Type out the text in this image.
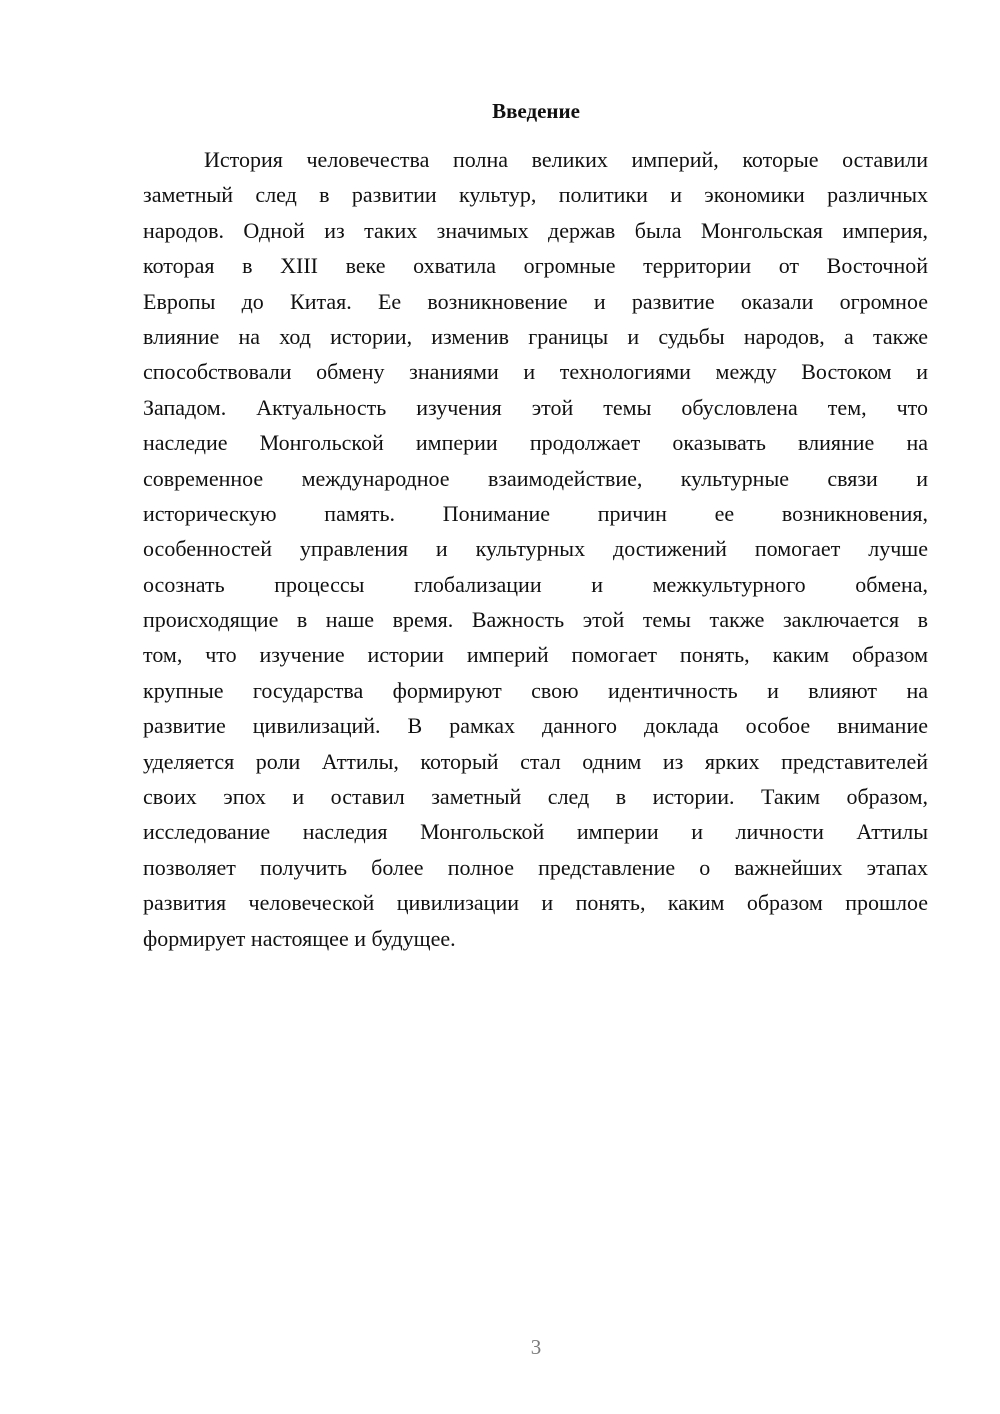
Введение
История человечества полна великих империй, которые оставили
заметный след в развитии культур, политики и экономики различных
народов. Одной из таких значимых держав была Монгольская империя,
которая в XIII веке охватила огромные территории от Восточной
Европы до Китая. Ее возникновение и развитие оказали огромное
влияние на ход истории, изменив границы и судьбы народов, а также
способствовали обмену знаниями и технологиями между Востоком и
Западом. Актуальность изучения этой темы обусловлена тем, что
наследие Монгольской империи продолжает оказывать влияние на
современное международное взаимодействие, культурные связи и
историческую память. Понимание причин ее возникновения,
особенностей управления и культурных достижений помогает лучше
осознать процессы глобализации и межкультурного обмена,
происходящие в наше время. Важность этой темы также заключается в
том, что изучение истории империй помогает понять, каким образом
крупные государства формируют свою идентичность и влияют на
развитие цивилизаций. В рамках данного доклада особое внимание
уделяется роли Аттилы, который стал одним из ярких представителей
своих эпох и оставил заметный след в истории. Таким образом,
исследование наследия Монгольской империи и личности Аттилы
позволяет получить более полное представление о важнейших этапах
развития человеческой цивилизации и понять, каким образом прошлое
формирует настоящее и будущее.
3
